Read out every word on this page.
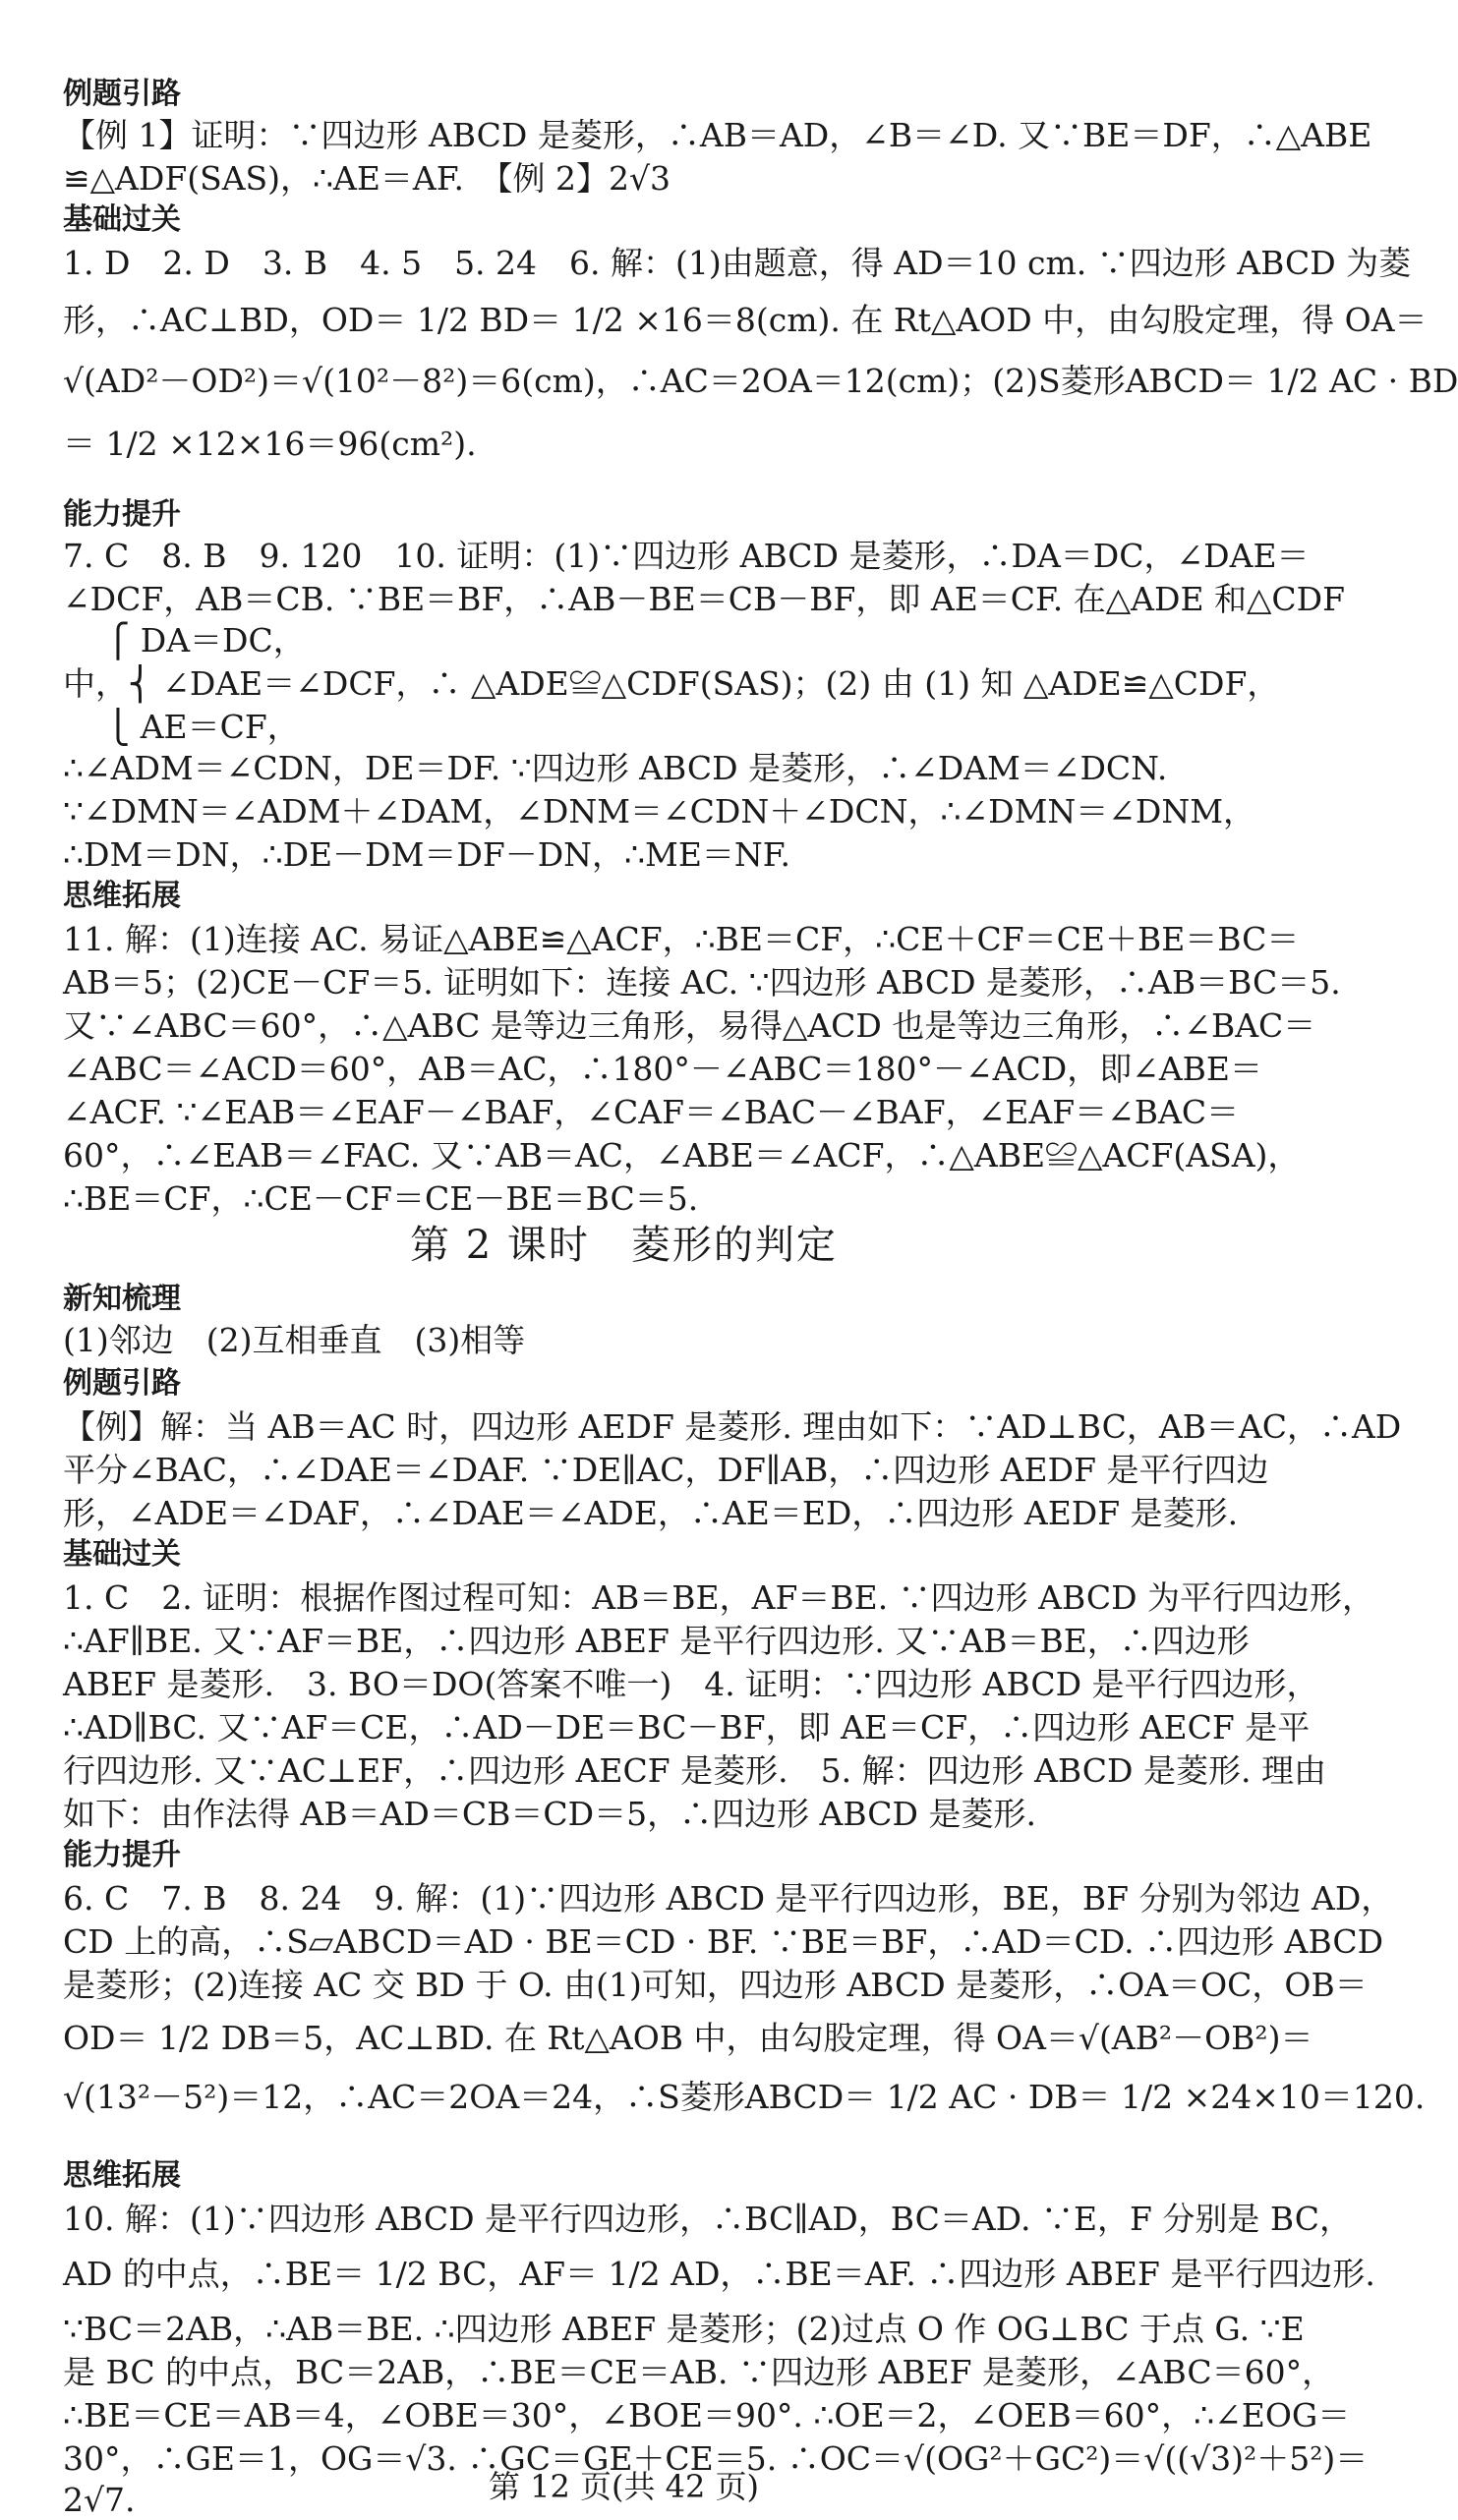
例题引路
【例 1】证明：∵四边形 ABCD 是菱形，∴AB＝AD，∠B＝∠D. 又∵BE＝DF，∴△ABE
≌△ADF(SAS)，∴AE＝AF.　【例 2】2√3
基础过关
1. D　2. D　3. B　4. 5　5. 24　6. 解：(1)由题意，得 AD＝10 cm. ∵四边形 ABCD 为菱
形，∴AC⊥BD，OD＝ 1/2 BD＝ 1/2 ×16＝8(cm). 在 Rt△AOD 中，由勾股定理，得 OA＝
√(AD²－OD²)＝√(10²－8²)＝6(cm)，∴AC＝2OA＝12(cm)；(2)S菱形ABCD＝ 1/2 AC · BD
＝ 1/2 ×12×16＝96(cm²).
能力提升
7. C　8. B　9. 120　10. 证明：(1)∵四边形 ABCD 是菱形，∴DA＝DC，∠DAE＝
∠DCF，AB＝CB. ∵BE＝BF，∴AB－BE＝CB－BF，即 AE＝CF. 在△ADE 和△CDF
　 ⎧ DA＝DC，
中，⎨ ∠DAE＝∠DCF，∴ △ADE≌△CDF(SAS)；(2) 由 (1) 知 △ADE≌△CDF，
　 ⎩ AE＝CF，
∴∠ADM＝∠CDN，DE＝DF. ∵四边形 ABCD 是菱形，∴∠DAM＝∠DCN.
∵∠DMN＝∠ADM＋∠DAM，∠DNM＝∠CDN＋∠DCN，∴∠DMN＝∠DNM，
∴DM＝DN，∴DE－DM＝DF－DN，∴ME＝NF.
思维拓展
11. 解：(1)连接 AC. 易证△ABE≌△ACF，∴BE＝CF，∴CE＋CF＝CE＋BE＝BC＝
AB＝5；(2)CE－CF＝5. 证明如下：连接 AC. ∵四边形 ABCD 是菱形，∴AB＝BC＝5.
又∵∠ABC＝60°，∴△ABC 是等边三角形，易得△ACD 也是等边三角形，∴∠BAC＝
∠ABC＝∠ACD＝60°，AB＝AC，∴180°－∠ABC＝180°－∠ACD，即∠ABE＝
∠ACF. ∵∠EAB＝∠EAF－∠BAF，∠CAF＝∠BAC－∠BAF，∠EAF＝∠BAC＝
60°，∴∠EAB＝∠FAC. 又∵AB＝AC，∠ABE＝∠ACF，∴△ABE≌△ACF(ASA)，
∴BE＝CF，∴CE－CF＝CE－BE＝BC＝5.
第 2 课时　菱形的判定
新知梳理
(1)邻边　(2)互相垂直　(3)相等
例题引路
【例】解：当 AB＝AC 时，四边形 AEDF 是菱形. 理由如下：∵AD⊥BC，AB＝AC，∴AD
平分∠BAC，∴∠DAE＝∠DAF. ∵DE∥AC，DF∥AB，∴四边形 AEDF 是平行四边
形，∠ADE＝∠DAF，∴∠DAE＝∠ADE，∴AE＝ED，∴四边形 AEDF 是菱形.
基础过关
1. C　2. 证明：根据作图过程可知：AB＝BE，AF＝BE. ∵四边形 ABCD 为平行四边形，
∴AF∥BE. 又∵AF＝BE，∴四边形 ABEF 是平行四边形. 又∵AB＝BE，∴四边形
ABEF 是菱形.　3. BO＝DO(答案不唯一)　4. 证明：∵四边形 ABCD 是平行四边形，
∴AD∥BC. 又∵AF＝CE，∴AD－DE＝BC－BF，即 AE＝CF，∴四边形 AECF 是平
行四边形. 又∵AC⊥EF，∴四边形 AECF 是菱形.　5. 解：四边形 ABCD 是菱形. 理由
如下：由作法得 AB＝AD＝CB＝CD＝5，∴四边形 ABCD 是菱形.
能力提升
6. C　7. B　8. 24　9. 解：(1)∵四边形 ABCD 是平行四边形，BE，BF 分别为邻边 AD，
CD 上的高，∴S▱ABCD＝AD · BE＝CD · BF. ∵BE＝BF，∴AD＝CD. ∴四边形 ABCD
是菱形；(2)连接 AC 交 BD 于 O. 由(1)可知，四边形 ABCD 是菱形，∴OA＝OC，OB＝
OD＝ 1/2 DB＝5，AC⊥BD. 在 Rt△AOB 中，由勾股定理，得 OA＝√(AB²－OB²)＝
√(13²－5²)＝12，∴AC＝2OA＝24，∴S菱形ABCD＝ 1/2 AC · DB＝ 1/2 ×24×10＝120.
思维拓展
10. 解：(1)∵四边形 ABCD 是平行四边形，∴BC∥AD，BC＝AD. ∵E，F 分别是 BC，
AD 的中点，∴BE＝ 1/2 BC，AF＝ 1/2 AD，∴BE＝AF. ∴四边形 ABEF 是平行四边形.
∵BC＝2AB，∴AB＝BE. ∴四边形 ABEF 是菱形；(2)过点 O 作 OG⊥BC 于点 G. ∵E
是 BC 的中点，BC＝2AB，∴BE＝CE＝AB. ∵四边形 ABEF 是菱形，∠ABC＝60°，
∴BE＝CE＝AB＝4，∠OBE＝30°，∠BOE＝90°. ∴OE＝2，∠OEB＝60°，∴∠EOG＝
30°，∴GE＝1，OG＝√3. ∴GC＝GE＋CE＝5. ∴OC＝√(OG²＋GC²)＝√((√3)²＋5²)＝
2√7.	第 12 页(共 42 页)
